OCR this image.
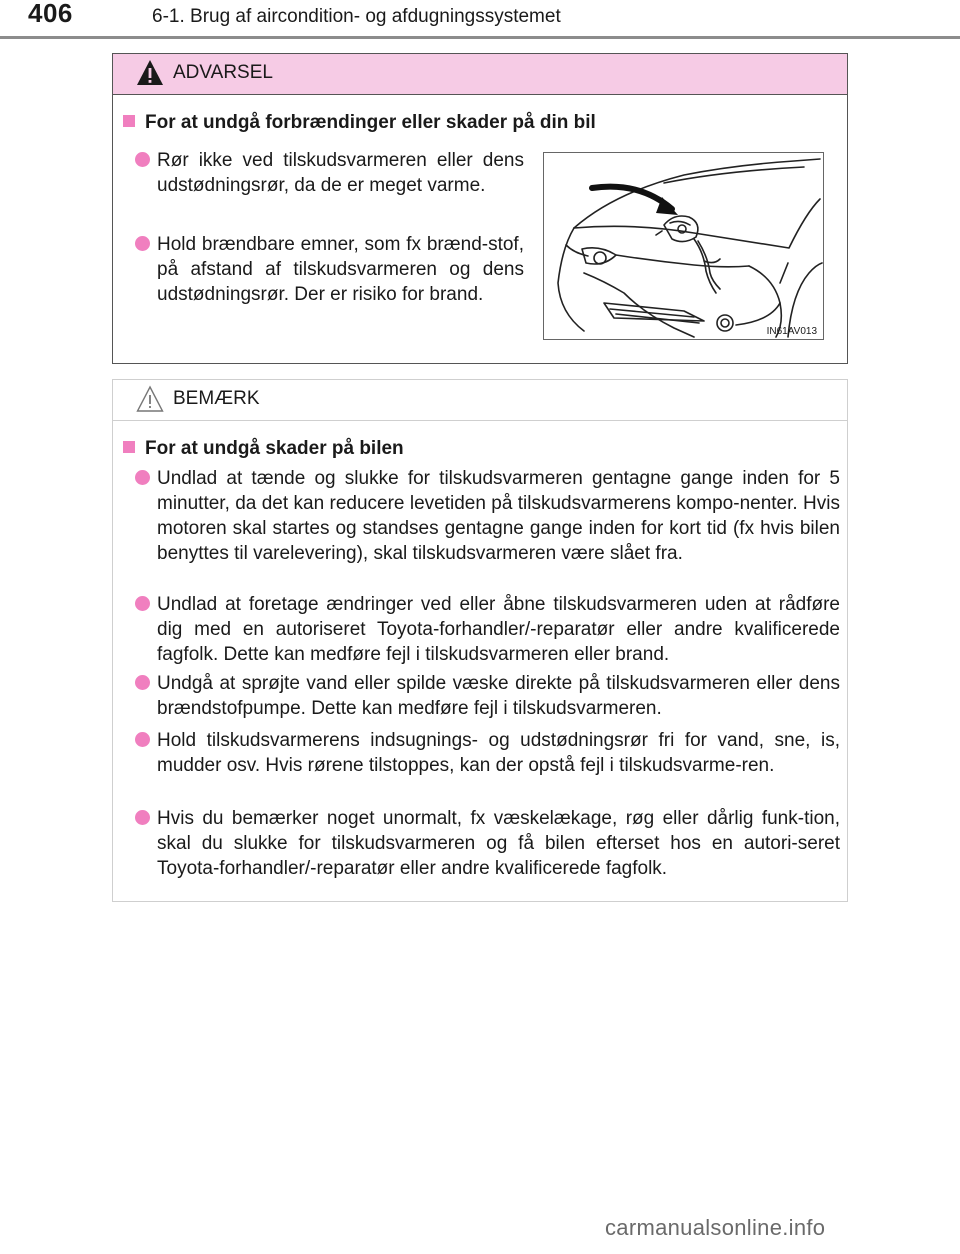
406	6-1. Brug af aircondition- og afdugningssystemet
ADVARSEL
For at undgå forbrændinger eller skader på din bil
Rør ikke ved tilskudsvarmeren eller dens udstødningsrør, da de er meget varme.
Hold brændbare emner, som fx brænd-stof, på afstand af tilskudsvarmeren og dens udstødningsrør. Der er risiko for brand.
IN61AV013
BEMÆRK
For at undgå skader på bilen
Undlad at tænde og slukke for tilskudsvarmeren gentagne gange inden for 5 minutter, da det kan reducere levetiden på tilskudsvarmerens kompo-nenter. Hvis motoren skal startes og standses gentagne gange inden for kort tid (fx hvis bilen benyttes til varelevering), skal tilskudsvarmeren være slået fra.
Undlad at foretage ændringer ved eller åbne tilskudsvarmeren uden at rådføre dig med en autoriseret Toyota-forhandler/-reparatør eller andre kvalificerede fagfolk. Dette kan medføre fejl i tilskudsvarmeren eller brand.
Undgå at sprøjte vand eller spilde væske direkte på tilskudsvarmeren eller dens brændstofpumpe. Dette kan medføre fejl i tilskudsvarmeren.
Hold tilskudsvarmerens indsugnings- og udstødningsrør fri for vand, sne, is, mudder osv. Hvis rørene tilstoppes, kan der opstå fejl i tilskudsvarme-ren.
Hvis du bemærker noget unormalt, fx væskelækage, røg eller dårlig funk-tion, skal du slukke for tilskudsvarmeren og få bilen efterset hos en autori-seret Toyota-forhandler/-reparatør eller andre kvalificerede fagfolk.
carmanualsonline.info
